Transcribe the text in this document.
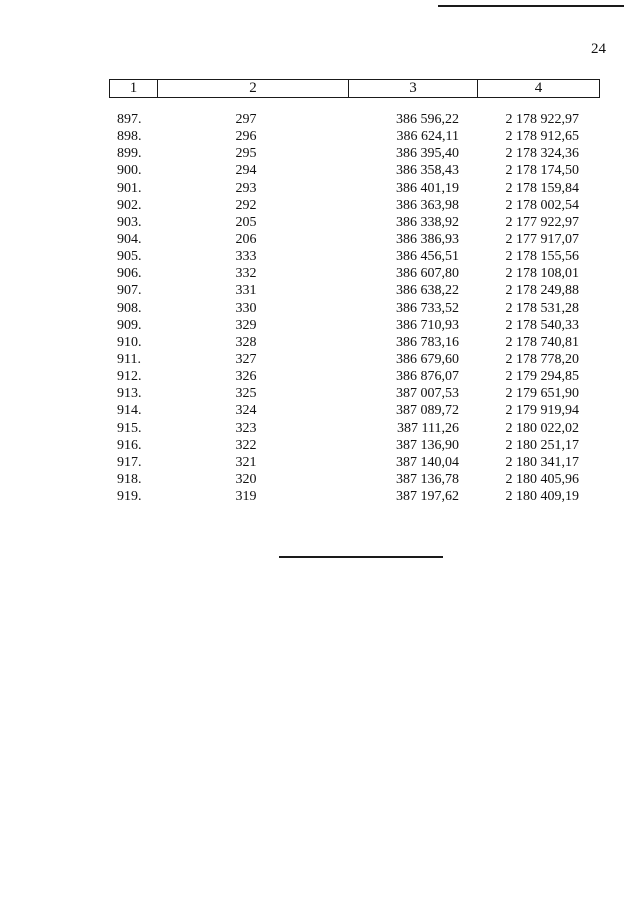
24
1	2	3	4
897.	297	386 596,22	2 178 922,97
898.	296	386 624,11	2 178 912,65
899.	295	386 395,40	2 178 324,36
900.	294	386 358,43	2 178 174,50
901.	293	386 401,19	2 178 159,84
902.	292	386 363,98	2 178 002,54
903.	205	386 338,92	2 177 922,97
904.	206	386 386,93	2 177 917,07
905.	333	386 456,51	2 178 155,56
906.	332	386 607,80	2 178 108,01
907.	331	386 638,22	2 178 249,88
908.	330	386 733,52	2 178 531,28
909.	329	386 710,93	2 178 540,33
910.	328	386 783,16	2 178 740,81
911.	327	386 679,60	2 178 778,20
912.	326	386 876,07	2 179 294,85
913.	325	387 007,53	2 179 651,90
914.	324	387 089,72	2 179 919,94
915.	323	387 111,26	2 180 022,02
916.	322	387 136,90	2 180 251,17
917.	321	387 140,04	2 180 341,17
918.	320	387 136,78	2 180 405,96
919.	319	387 197,62	2 180 409,19
